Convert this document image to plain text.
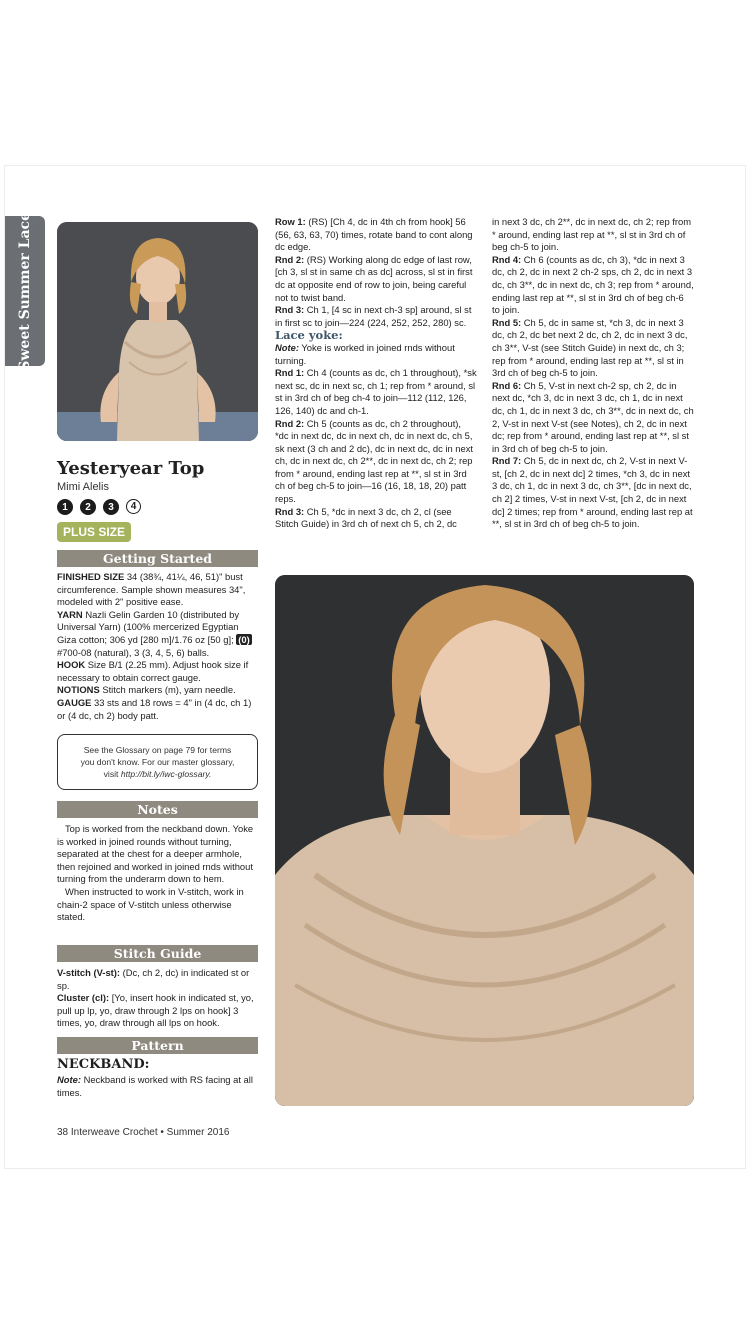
Sweet Summer Lace
Yesteryear Top
Mimi Alelis
1	2	3	4
PLUS SIZE
Getting Started

FINISHED SIZE 34 (38¾, 41¼, 46, 51)" bust circumference. Sample shown measures 34", modeled with 2" positive ease.

YARN Nazli Gelin Garden 10 (distributed by Universal Yarn) (100% mercerized Egyptian Giza cotton; 306 yd [280 m]/1.76 oz [50 g]; (0) #700-08 (natural), 3 (3, 4, 5, 6) balls.

HOOK Size B/1 (2.25 mm). Adjust hook size if necessary to obtain correct gauge.

NOTIONS Stitch markers (m), yarn needle.

GAUGE 33 sts and 18 rows = 4" in (4 dc, ch 1) or (4 dc, ch 2) body patt.

See the Glossary on page 79 for terms
you don't know. For our master glossary,
visit http://bit.ly/iwc-glossary.
Notes

Top is worked from the neckband down. Yoke is worked in joined rounds without turning, separated at the chest for a deeper armhole, then rejoined and worked in joined rnds without turning from the underarm down to hem.

When instructed to work in V-stitch, work in chain-2 space of V-stitch unless otherwise stated.

Stitch Guide

V-stitch (V-st): (Dc, ch 2, dc) in indicated st or sp.

Cluster (cl): [Yo, insert hook in indicated st, yo, pull up lp, yo, draw through 2 lps on hook] 3 times, yo, draw through all lps on hook.

Pattern
NECKBAND:

Note: Neckband is worked with RS facing at all times.

Row 1: (RS) [Ch 4, dc in 4th ch from hook] 56 (56, 63, 63, 70) times, rotate band to cont along dc edge.

Rnd 2: (RS) Working along dc edge of last row, [ch 3, sl st in same ch as dc] across, sl st in first dc at opposite end of row to join, being careful not to twist band.

Rnd 3: Ch 1, [4 sc in next ch-3 sp] around, sl st in first sc to join—224 (224, 252, 252, 280) sc.

Lace yoke:

Note: Yoke is worked in joined rnds without turning.

Rnd 1: Ch 4 (counts as dc, ch 1 throughout), *sk next sc, dc in next sc, ch 1; rep from * around, sl st in 3rd ch of beg ch-4 to join—112 (112, 126, 126, 140) dc and ch-1.

Rnd 2: Ch 5 (counts as dc, ch 2 throughout), *dc in next dc, dc in next ch, dc in next dc, ch 5, sk next (3 ch and 2 dc), dc in next dc, dc in next ch, dc in next dc, ch 2**, dc in next dc, ch 2; rep from * around, ending last rep at **, sl st in 3rd ch of beg ch-5 to join—16 (16, 18, 18, 20) patt reps.

Rnd 3: Ch 5, *dc in next 3 dc, ch 2, cl (see Stitch Guide) in 3rd ch of next ch 5, ch 2, dc

in next 3 dc, ch 2**, dc in next dc, ch 2; rep from * around, ending last rep at **, sl st in 3rd ch of beg ch-5 to join.

Rnd 4: Ch 6 (counts as dc, ch 3), *dc in next 3 dc, ch 2, dc in next 2 ch-2 sps, ch 2, dc in next 3 dc, ch 3**, dc in next dc, ch 3; rep from * around, ending last rep at **, sl st in 3rd ch of beg ch-6 to join.

Rnd 5: Ch 5, dc in same st, *ch 3, dc in next 3 dc, ch 2, dc bet next 2 dc, ch 2, dc in next 3 dc, ch 3**, V-st (see Stitch Guide) in next dc, ch 3; rep from * around, ending last rep at **, sl st in 3rd ch of beg ch-5 to join.

Rnd 6: Ch 5, V-st in next ch-2 sp, ch 2, dc in next dc, *ch 3, dc in next 3 dc, ch 1, dc in next dc, ch 1, dc in next 3 dc, ch 3**, dc in next dc, ch 2, V-st in next V-st (see Notes), ch 2, dc in next dc; rep from * around, ending last rep at **, sl st in 3rd ch of beg ch-5 to join.

Rnd 7: Ch 5, dc in next dc, ch 2, V-st in next V-st, [ch 2, dc in next dc] 2 times, *ch 3, dc in next 3 dc, ch 1, dc in next 3 dc, ch 3**, [dc in next dc, ch 2] 2 times, V-st in next V-st, [ch 2, dc in next dc] 2 times; rep from * around, ending last rep at **, sl st in 3rd ch of beg ch-5 to join.

38 Interweave Crochet • Summer 2016
